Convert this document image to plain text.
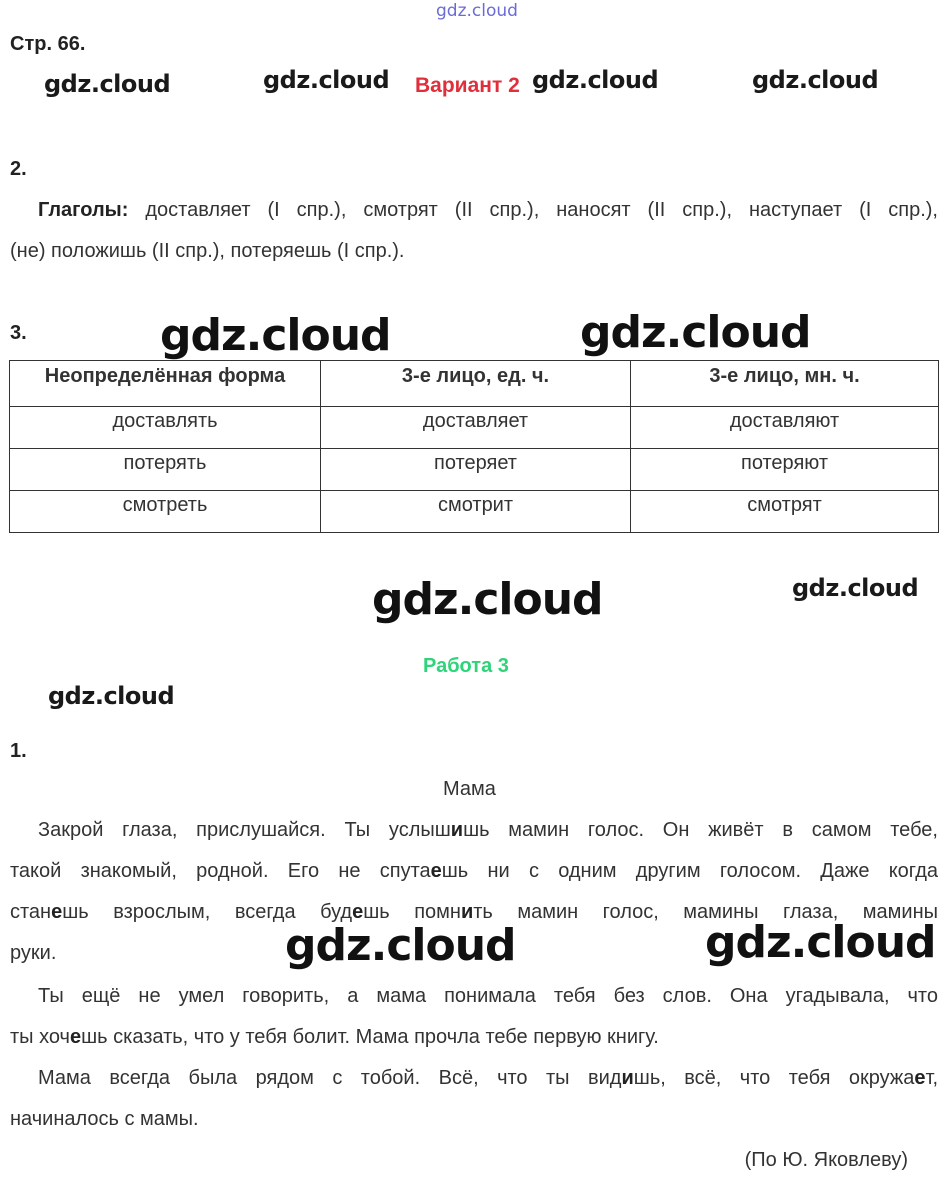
gdz.cloud
gdz.cloud	gdz.cloud	gdz.cloud	gdz.cloud
gdz.cloud	gdz.cloud
gdz.cloud	gdz.cloud
gdz.cloud
gdz.cloud	gdz.cloud
Стр. 66.
Вариант 2
2.
Глаголы: доставляет (I спр.), смотрят (II спр.), наносят (II спр.), наступает (I спр.),
(не) положишь (II спр.), потеряешь (I спр.).
3.
Неопределённая форма	3-е лицо, ед. ч.	3-е лицо, мн. ч.
доставлять	доставляет	доставляют
потерять	потеряет	потеряют
смотреть	смотрит	смотрят
Работа 3
1.
Мама
Закрой глаза, прислушайся. Ты услышишь мамин голос. Он живёт в самом тебе,
такой знакомый, родной. Его не спутаешь ни с одним другим голосом. Даже когда
станешь взрослым, всегда будешь помнить мамин голос, мамины глаза, мамины
руки.
Ты ещё не умел говорить, а мама понимала тебя без слов. Она угадывала, что
ты хочешь сказать, что у тебя болит. Мама прочла тебе первую книгу.
Мама всегда была рядом с тобой. Всё, что ты видишь, всё, что тебя окружает,
начиналось с мамы.
(По Ю. Яковлеву)
